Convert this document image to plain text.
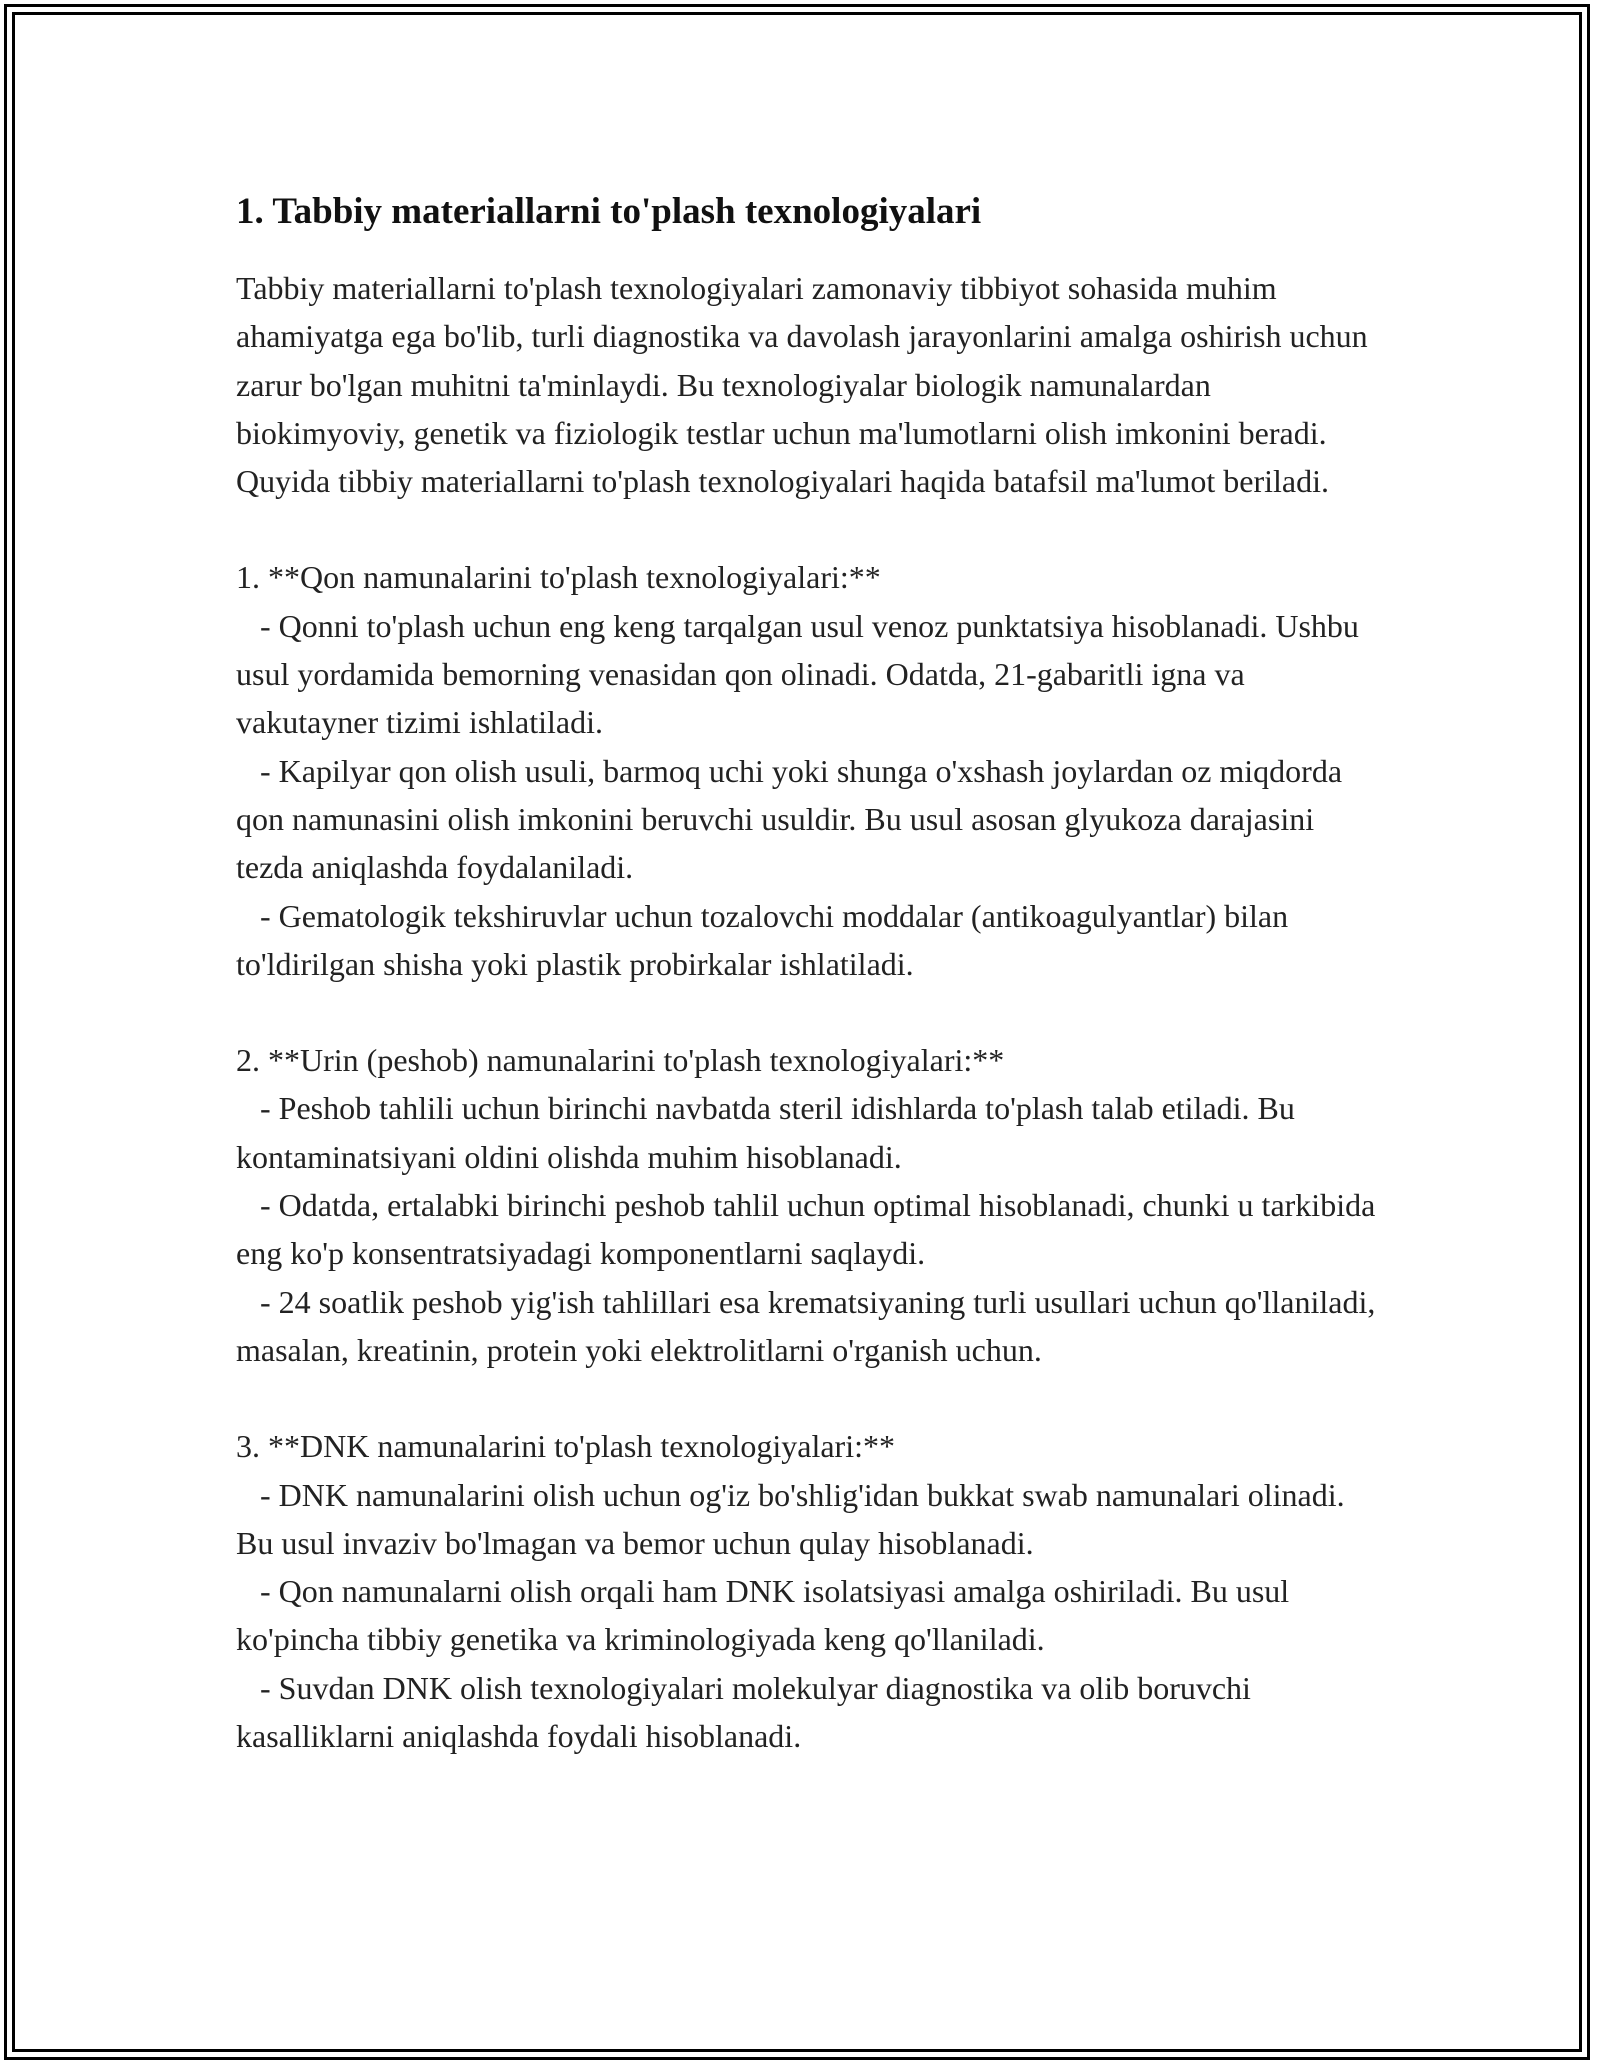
1. Tabbiy materiallarni to'plash texnologiyalari

Tabbiy materiallarni to'plash texnologiyalari zamonaviy tibbiyot sohasida muhim ahamiyatga ega bo'lib, turli diagnostika va davolash jarayonlarini amalga oshirish uchun zarur bo'lgan muhitni ta'minlaydi. Bu texnologiyalar biologik namunalardan biokimyoviy, genetik va fiziologik testlar uchun ma'lumotlarni olish imkonini beradi. Quyida tibbiy materiallarni to'plash texnologiyalari haqida batafsil ma'lumot beriladi.

1. **Qon namunalarini to'plash texnologiyalari:**

- Qonni to'plash uchun eng keng tarqalgan usul venoz punktatsiya hisoblanadi. Ushbu usul yordamida bemorning venasidan qon olinadi. Odatda, 21-gabaritli igna va vakutayner tizimi ishlatiladi.

- Kapilyar qon olish usuli, barmoq uchi yoki shunga o'xshash joylardan oz miqdorda qon namunasini olish imkonini beruvchi usuldir. Bu usul asosan glyukoza darajasini tezda aniqlashda foydalaniladi.

- Gematologik tekshiruvlar uchun tozalovchi moddalar (antikoagulyantlar) bilan to'ldirilgan shisha yoki plastik probirkalar ishlatiladi.

2. **Urin (peshob) namunalarini to'plash texnologiyalari:**

- Peshob tahlili uchun birinchi navbatda steril idishlarda to'plash talab etiladi. Bu kontaminatsiyani oldini olishda muhim hisoblanadi.

- Odatda, ertalabki birinchi peshob tahlil uchun optimal hisoblanadi, chunki u tarkibida eng ko'p konsentratsiyadagi komponentlarni saqlaydi.

- 24 soatlik peshob yig'ish tahlillari esa krematsiyaning turli usullari uchun qo'llaniladi, masalan, kreatinin, protein yoki elektrolitlarni o'rganish uchun.

3. **DNK namunalarini to'plash texnologiyalari:**

- DNK namunalarini olish uchun og'iz bo'shlig'idan bukkat swab namunalari olinadi. Bu usul invaziv bo'lmagan va bemor uchun qulay hisoblanadi.

- Qon namunalarni olish orqali ham DNK isolatsiyasi amalga oshiriladi. Bu usul ko'pincha tibbiy genetika va kriminologiyada keng qo'llaniladi.

- Suvdan DNK olish texnologiyalari molekulyar diagnostika va olib boruvchi kasalliklarni aniqlashda foydali hisoblanadi.
